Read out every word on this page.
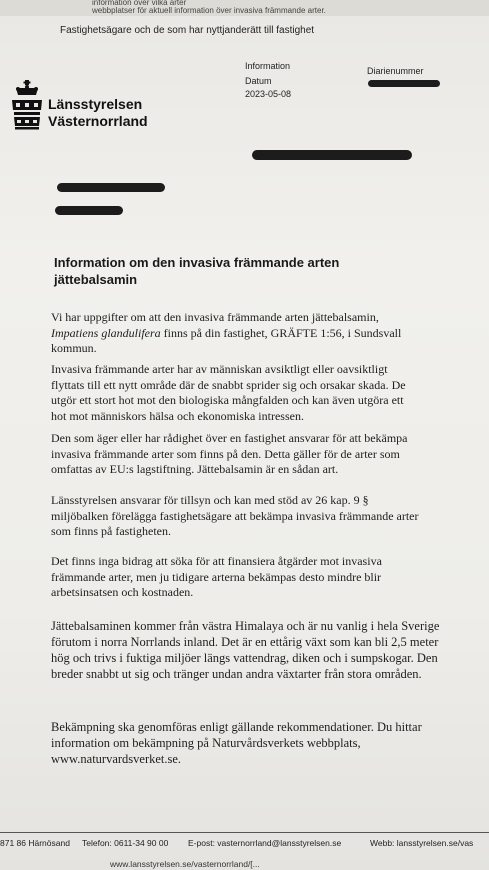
information över vilka arter
webbplatser för aktuell information över invasiva främmande arter.
Fastighetsägare och de som har nyttjanderätt till fastighet
Länsstyrelsen
Västernorrland
Information
Datum
2023-05-08
Diarienummer
Information om den invasiva främmande arten jättebalsamin
Vi har uppgifter om att den invasiva främmande arten jättebalsamin,
Impatiens glandulifera finns på din fastighet, GRÄFTE 1:56, i Sundsvall
kommun.
Invasiva främmande arter har av människan avsiktligt eller oavsiktligt flyttats till ett nytt område där de snabbt sprider sig och orsakar skada. De utgör ett stort hot mot den biologiska mångfalden och kan även utgöra ett hot mot människors hälsa och ekonomiska intressen.
Den som äger eller har rådighet över en fastighet ansvarar för att bekämpa invasiva främmande arter som finns på den. Detta gäller för de arter som omfattas av EU:s lagstiftning. Jättebalsamin är en sådan art.
Länsstyrelsen ansvarar för tillsyn och kan med stöd av 26 kap. 9 § miljöbalken förelägga fastighetsägare att bekämpa invasiva främmande arter som finns på fastigheten.
Det finns inga bidrag att söka för att finansiera åtgärder mot invasiva främmande arter, men ju tidigare arterna bekämpas desto mindre blir arbetsinsatsen och kostnaden.
Jättebalsaminen kommer från västra Himalaya och är nu vanlig i hela Sverige förutom i norra Norrlands inland. Det är en ettårig växt som kan bli 2,5 meter hög och trivs i fuktiga miljöer längs vattendrag, diken och i sumpskogar. Den breder snabbt ut sig och tränger undan andra växtarter från stora områden.
Bekämpning ska genomföras enligt gällande rekommendationer. Du hittar information om bekämpning på Naturvårdsverkets webbplats, www.naturvardsverket.se.
871 86 Härnösand Telefon: 0611-34 90 00 E-post: vasternorrland@lansstyrelsen.se	Webb: lansstyrelsen.se/vas
www.lansstyrelsen.se/vasternorrland/[...
